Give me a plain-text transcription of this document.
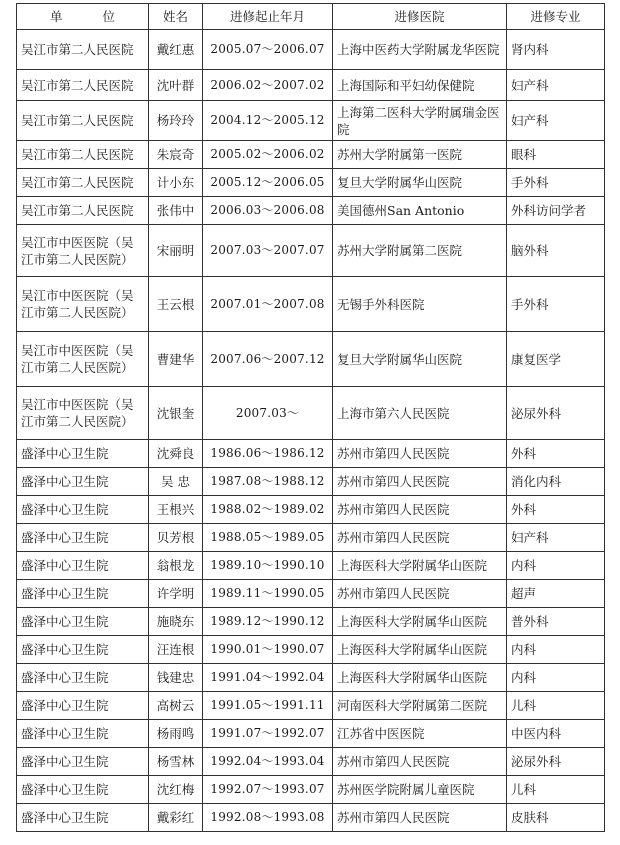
单 位	姓名	进修起止年月	进修医院	进修专业
吴江市第二人民医院	戴红惠	2005.07～2006.07	上海中医药大学附属龙华医院	肾内科
吴江市第二人民医院	沈叶群	2006.02～2007.02	上海国际和平妇幼保健院	妇产科
吴江市第二人民医院	杨玲玲	2004.12～2005.12	上海第二医科大学附属瑞金医院	妇产科
吴江市第二人民医院	朱宸奇	2005.02～2006.02	苏州大学附属第一医院	眼科
吴江市第二人民医院	计小东	2005.12～2006.05	复旦大学附属华山医院	手外科
吴江市第二人民医院	张伟中	2006.03～2006.08	美国德州San Antonio	外科访问学者
吴江市中医医院（吴江市第二人民医院）	宋丽明	2007.03～2007.07	苏州大学附属第二医院	脑外科
吴江市中医医院（吴江市第二人民医院）	王云根	2007.01～2007.08	无锡手外科医院	手外科
吴江市中医医院（吴江市第二人民医院）	曹建华	2007.06～2007.12	复旦大学附属华山医院	康复医学
吴江市中医医院（吴江市第二人民医院）	沈银奎	2007.03～	上海市第六人民医院	泌尿外科
盛泽中心卫生院	沈舜良	1986.06～1986.12	苏州市第四人民医院	外科
盛泽中心卫生院	吴 忠	1987.08～1988.12	苏州市第四人民医院	消化内科
盛泽中心卫生院	王根兴	1988.02～1989.02	苏州市第四人民医院	外科
盛泽中心卫生院	贝芳根	1988.05～1989.05	苏州市第四人民医院	妇产科
盛泽中心卫生院	翁根龙	1989.10～1990.10	上海医科大学附属华山医院	内科
盛泽中心卫生院	许学明	1989.11～1990.05	苏州市第四人民医院	超声
盛泽中心卫生院	施晓东	1989.12～1990.12	上海医科大学附属华山医院	普外科
盛泽中心卫生院	汪连根	1990.01～1990.07	上海医科大学附属华山医院	内科
盛泽中心卫生院	钱建忠	1991.04～1992.04	上海医科大学附属华山医院	内科
盛泽中心卫生院	高树云	1991.05～1991.11	河南医科大学附属第二医院	儿科
盛泽中心卫生院	杨雨鸣	1991.07～1992.07	江苏省中医医院	中医内科
盛泽中心卫生院	杨雪林	1992.04～1993.04	苏州市第四人民医院	泌尿外科
盛泽中心卫生院	沈红梅	1992.07～1993.07	苏州医学院附属儿童医院	儿科
盛泽中心卫生院	戴彩红	1992.08～1993.08	苏州市第四人民医院	皮肤科
